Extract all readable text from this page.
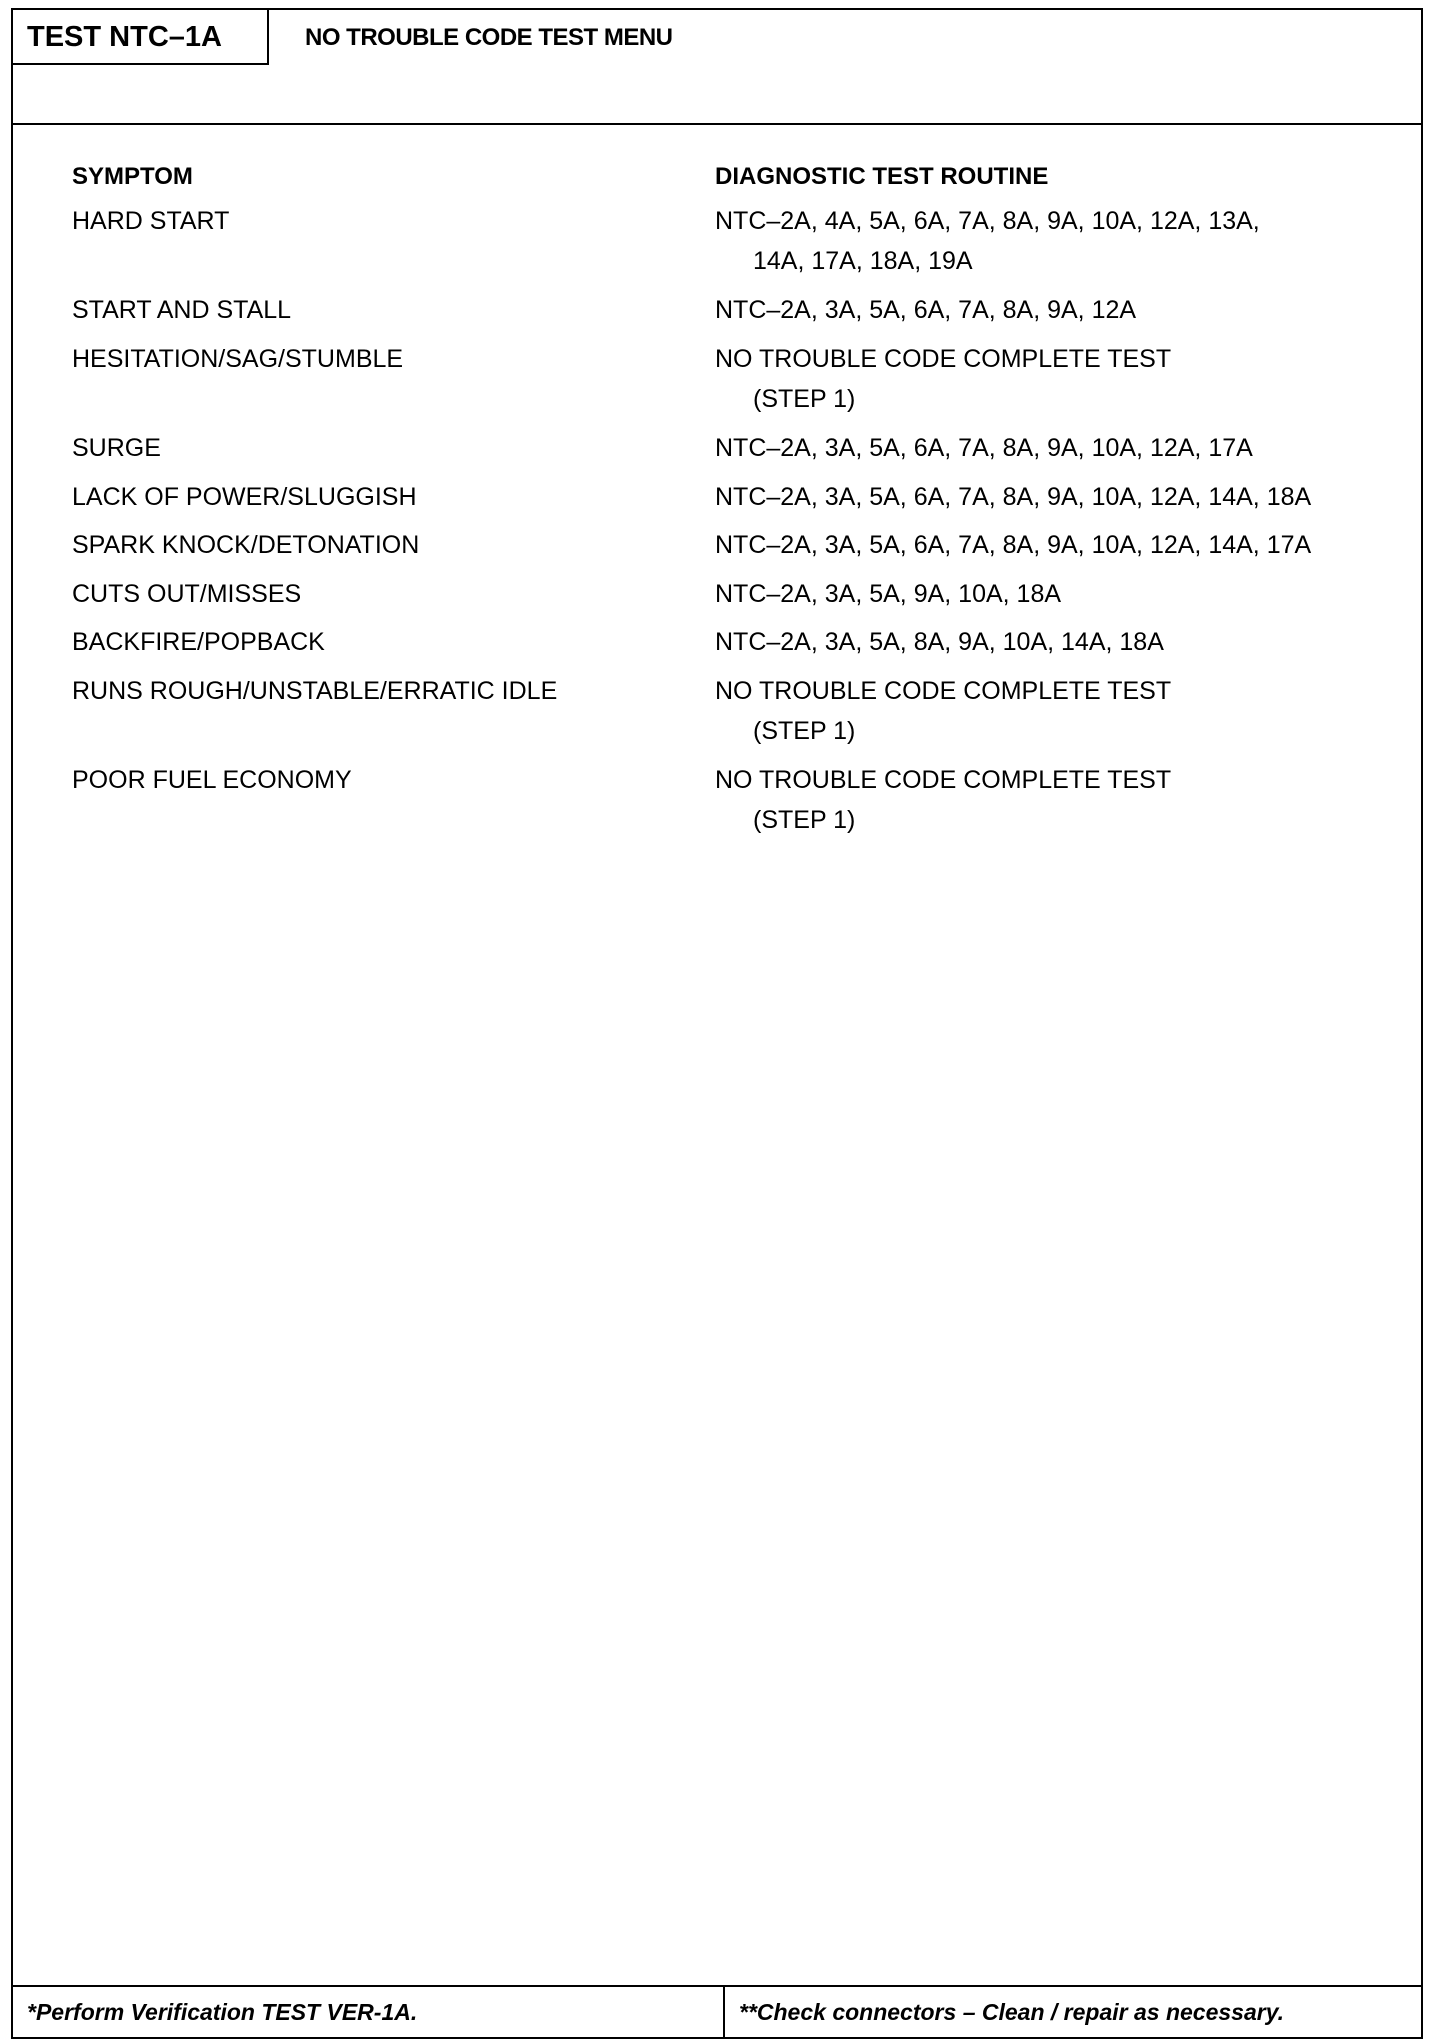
TEST NTC–1A	NO TROUBLE CODE TEST MENU
SYMPTOM	DIAGNOSTIC TEST ROUTINE
HARD START	NTC–2A, 4A, 5A, 6A, 7A, 8A, 9A, 10A, 12A, 13A,
14A, 17A, 18A, 19A
START AND STALL	NTC–2A, 3A, 5A, 6A, 7A, 8A, 9A, 12A
HESITATION/SAG/STUMBLE	NO TROUBLE CODE COMPLETE TEST
(STEP 1)
SURGE	NTC–2A, 3A, 5A, 6A, 7A, 8A, 9A, 10A, 12A, 17A
LACK OF POWER/SLUGGISH	NTC–2A, 3A, 5A, 6A, 7A, 8A, 9A, 10A, 12A, 14A, 18A
SPARK KNOCK/DETONATION	NTC–2A, 3A, 5A, 6A, 7A, 8A, 9A, 10A, 12A, 14A, 17A
CUTS OUT/MISSES	NTC–2A, 3A, 5A, 9A, 10A, 18A
BACKFIRE/POPBACK	NTC–2A, 3A, 5A, 8A, 9A, 10A, 14A, 18A
RUNS ROUGH/UNSTABLE/ERRATIC IDLE	NO TROUBLE CODE COMPLETE TEST
(STEP 1)
POOR FUEL ECONOMY	NO TROUBLE CODE COMPLETE TEST
(STEP 1)
*Perform Verification TEST VER-1A.	**Check connectors – Clean / repair as necessary.
